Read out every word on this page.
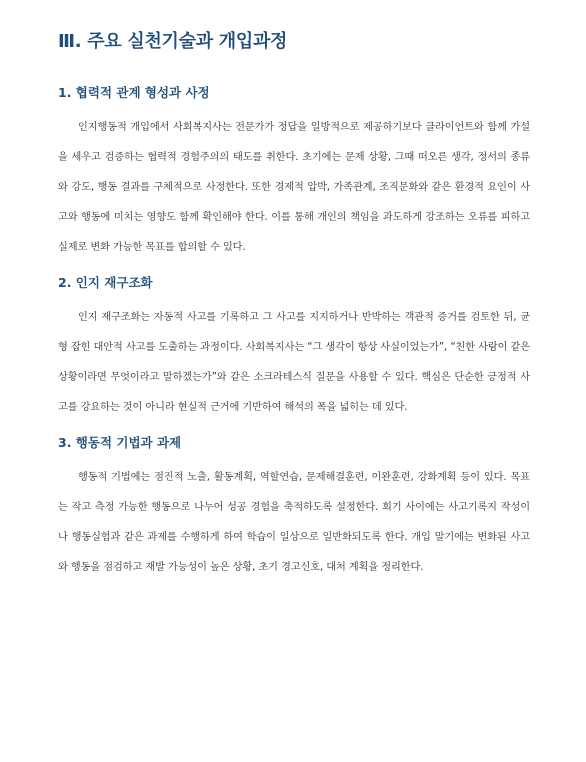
Ⅲ. 주요 실천기술과 개입과정
1. 협력적 관계 형성과 사정

인지행동적 개입에서 사회복지사는 전문가가 정답을 일방적으로 제공하기보다 클라이언트와 함께 가설을 세우고 검증하는 협력적 경험주의의 태도를 취한다. 초기에는 문제 상황, 그때 떠오른 생각, 정서의 종류와 강도, 행동 결과를 구체적으로 사정한다. 또한 경제적 압박, 가족관계, 조직문화와 같은 환경적 요인이 사고와 행동에 미치는 영향도 함께 확인해야 한다. 이를 통해 개인의 책임을 과도하게 강조하는 오류를 피하고 실제로 변화 가능한 목표를 합의할 수 있다.

2. 인지 재구조화

인지 재구조화는 자동적 사고를 기록하고 그 사고를 지지하거나 반박하는 객관적 증거를 검토한 뒤, 균형 잡힌 대안적 사고를 도출하는 과정이다. 사회복지사는 “그 생각이 항상 사실이었는가”, “친한 사람이 같은 상황이라면 무엇이라고 말하겠는가”와 같은 소크라테스식 질문을 사용할 수 있다. 핵심은 단순한 긍정적 사고를 강요하는 것이 아니라 현실적 근거에 기반하여 해석의 폭을 넓히는 데 있다.

3. 행동적 기법과 과제

행동적 기법에는 점진적 노출, 활동계획, 역할연습, 문제해결훈련, 이완훈련, 강화계획 등이 있다. 목표는 작고 측정 가능한 행동으로 나누어 성공 경험을 축적하도록 설정한다. 회기 사이에는 사고기록지 작성이나 행동실험과 같은 과제를 수행하게 하여 학습이 일상으로 일반화되도록 한다. 개입 말기에는 변화된 사고와 행동을 점검하고 재발 가능성이 높은 상황, 초기 경고신호, 대처 계획을 정리한다.
